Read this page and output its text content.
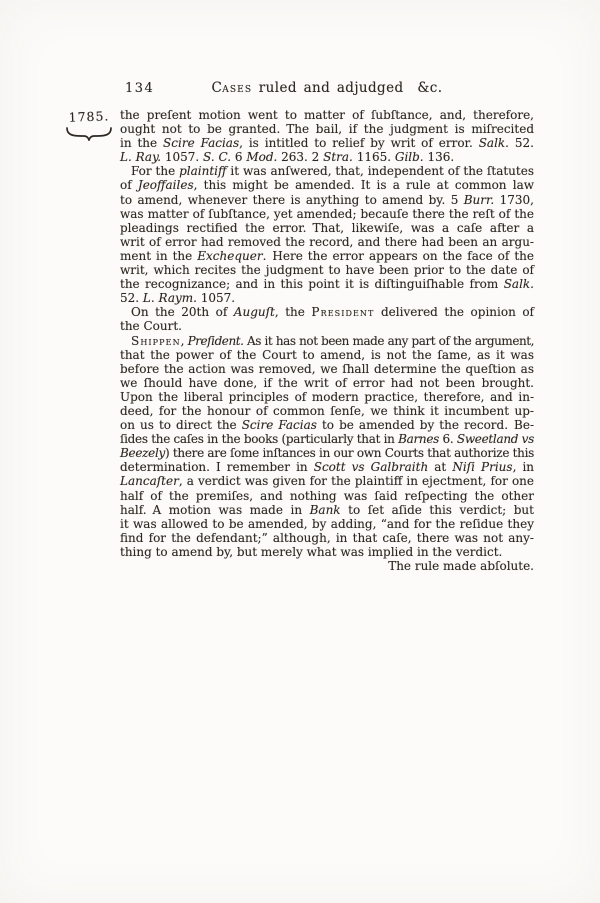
134	Cases ruled and adjudged  &c.
1785. the preſent motion went to matter of ſubſtance, and, therefore,
ought not to be granted. The bail, if the judgment is miſrecited
in the Scire Facias, is intitled to relief by writ of error. Salk. 52.
L. Ray. 1057. S. C. 6 Mod. 263. 2 Stra. 1165. Gilb. 136.
For the plaintiff it was anſwered, that, independent of the ſtatutes
of Jeoffailes, this might be amended. It is a rule at common law
to amend, whenever there is anything to amend by. 5 Burr. 1730,
was matter of ſubſtance, yet amended; becauſe there the reſt of the
pleadings rectified the error. That, likewiſe, was a caſe after a
writ of error had removed the record, and there had been an argu-
ment in the Exchequer. Here the error appears on the face of the
writ, which recites the judgment to have been prior to the date of
the recognizance; and in this point it is diſtinguiſhable from Salk.
52. L. Raym. 1057.
On the 20th of Auguſt, the President delivered the opinion of
the Court.
Shippen, Preſident. As it has not been made any part of the argument,
that the power of the Court to amend, is not the ſame, as it was
before the action was removed, we ſhall determine the queſtion as
we ſhould have done, if the writ of error had not been brought.
Upon the liberal principles of modern practice, therefore, and in-
deed, for the honour of common ſenſe, we think it incumbent up-
on us to direct the Scire Facias to be amended by the record. Be-
ſides the caſes in the books (particularly that in Barnes 6. Sweetland vs
Beezely) there are ſome inſtances in our own Courts that authorize this
determination. I remember in Scott vs Galbraith at Niſi Prius, in
Lancaſter, a verdict was given for the plaintiff in ejectment, for one
half of the premiſes, and nothing was ſaid reſpecting the other
half. A motion was made in Bank to ſet aſide this verdict; but
it was allowed to be amended, by adding, “and for the reſidue they
find for the defendant;” although, in that caſe, there was not any-
thing to amend by, but merely what was implied in the verdict.
The rule made abſolute.
